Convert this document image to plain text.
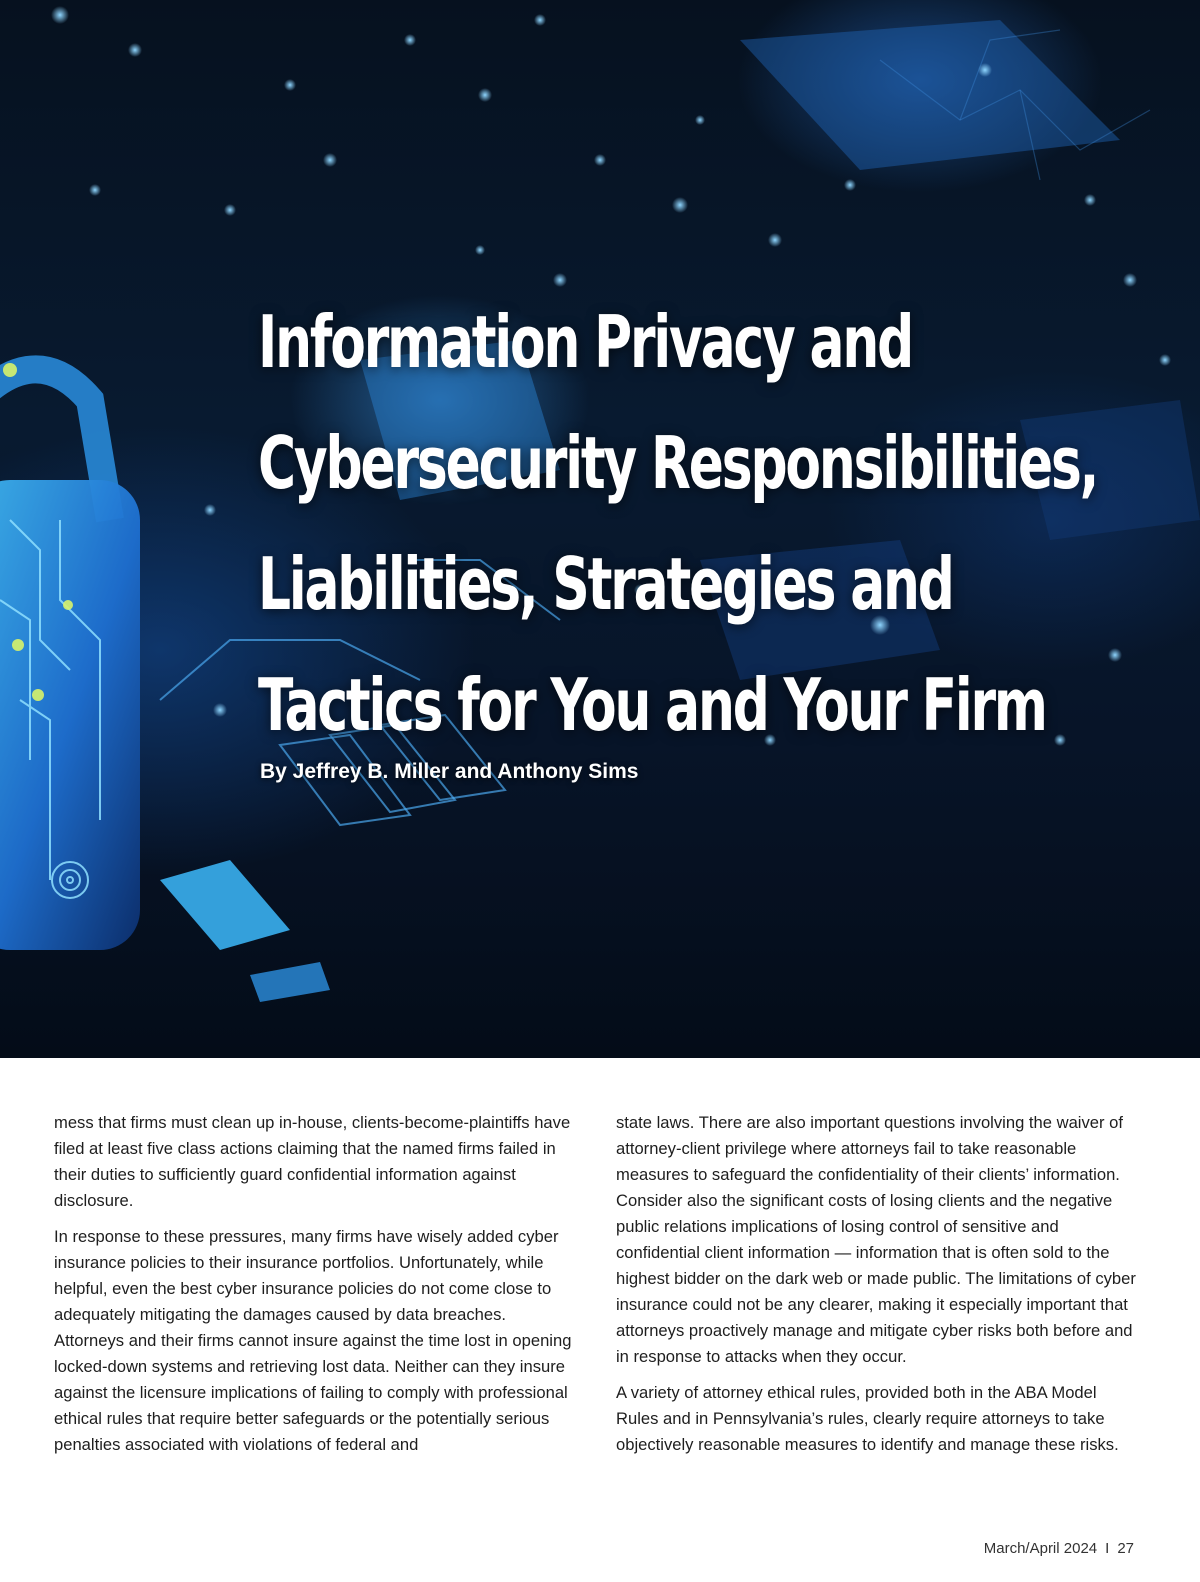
Information Privacy and
Cybersecurity Responsibilities,
Liabilities, Strategies and
Tactics for You and Your Firm

By Jeffrey B. Miller and Anthony Sims

mess that firms must clean up in-house, clients-become-plaintiffs have filed at least five class actions claiming that the named firms failed in their duties to sufficiently guard confidential information against disclosure.

In response to these pressures, many firms have wisely added cyber insurance policies to their insurance portfolios. Unfortunately, while helpful, even the best cyber insurance policies do not come close to adequately mitigating the damages caused by data breaches. Attorneys and their firms cannot insure against the time lost in opening locked-down systems and retrieving lost data. Neither can they insure against the licensure implications of failing to comply with professional ethical rules that require better safeguards or the potentially serious penalties associated with violations of federal and

state laws. There are also important questions involving the waiver of attorney-client privilege where attorneys fail to take reasonable measures to safeguard the confidentiality of their clients’ information. Consider also the significant costs of losing clients and the negative public relations implications of losing control of sensitive and confidential client information — information that is often sold to the highest bidder on the dark web or made public. The limitations of cyber insurance could not be any clearer, making it especially important that attorneys proactively manage and mitigate cyber risks both before and in response to attacks when they occur.

A variety of attorney ethical rules, provided both in the ABA Model Rules and in Pennsylvania’s rules, clearly require attorneys to take objectively reasonable measures to identify and manage these risks.

March/April 2024 I 27
